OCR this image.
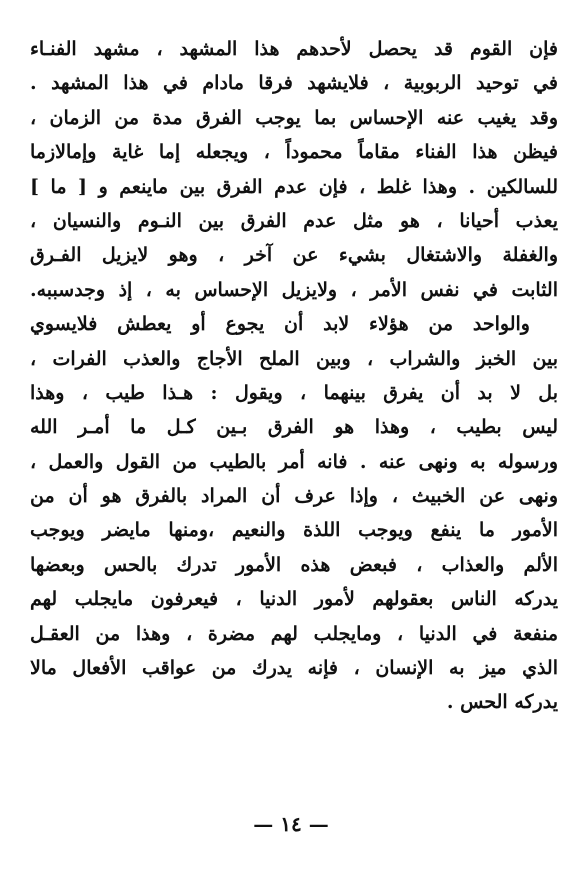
فإن القوم قد يحصل لأحدهم هذا المشهد ، مشهد الفنـاء
في توحيد الربوبية ، فلايشهد فرقا مادام في هذا المشهد .
وقد يغيب عنه الإحساس بما يوجب الفرق مدة من الزمان ،
فيظن هذا الفناء مقاماً محموداً ، ويجعله إما غاية وإمالازما
للسالكين . وهذا غلط ، فإن عدم الفرق بين ماينعم و [ ما ]
يعذب أحيانا ، هو مثل عدم الفرق بين النـوم والنسيان ،
والغفلة والاشتغال بشيء عن آخر ، وهو لايزيل الفـرق
الثابت في نفس الأمر ، ولايزيل الإحساس به ، إذ وجدسببه.
والواحد من هؤلاء لابد أن يجوع أو يعطش فلايسوي
بين الخبز والشراب ، وبين الملح الأجاج والعذب الفرات ،
بل لا بد أن يفرق بينهما ، ويقول : هـذا طيب ، وهذا
ليس بطيب ، وهذا هو الفرق بـين كـل ما أمـر الله
ورسوله به ونهى عنه . فانه أمر بالطيب من القول والعمل ،
ونهى عن الخبيث ، وإذا عرف أن المراد بالفرق هو أن من
الأمور ما ينفع ويوجب اللذة والنعيم ،ومنها مايضر ويوجب
الألم والعذاب ، فبعض هذه الأمور تدرك بالحس وبعضها
يدركه الناس بعقولهم لأمور الدنيا ، فيعرفون مايجلب لهم
منفعة في الدنيا ، ومايجلب لهم مضرة ، وهذا من العقـل
الذي ميز به الإنسان ، فإنه يدرك من عواقب الأفعال مالا
يدركه الحس .
— ١٤ —
